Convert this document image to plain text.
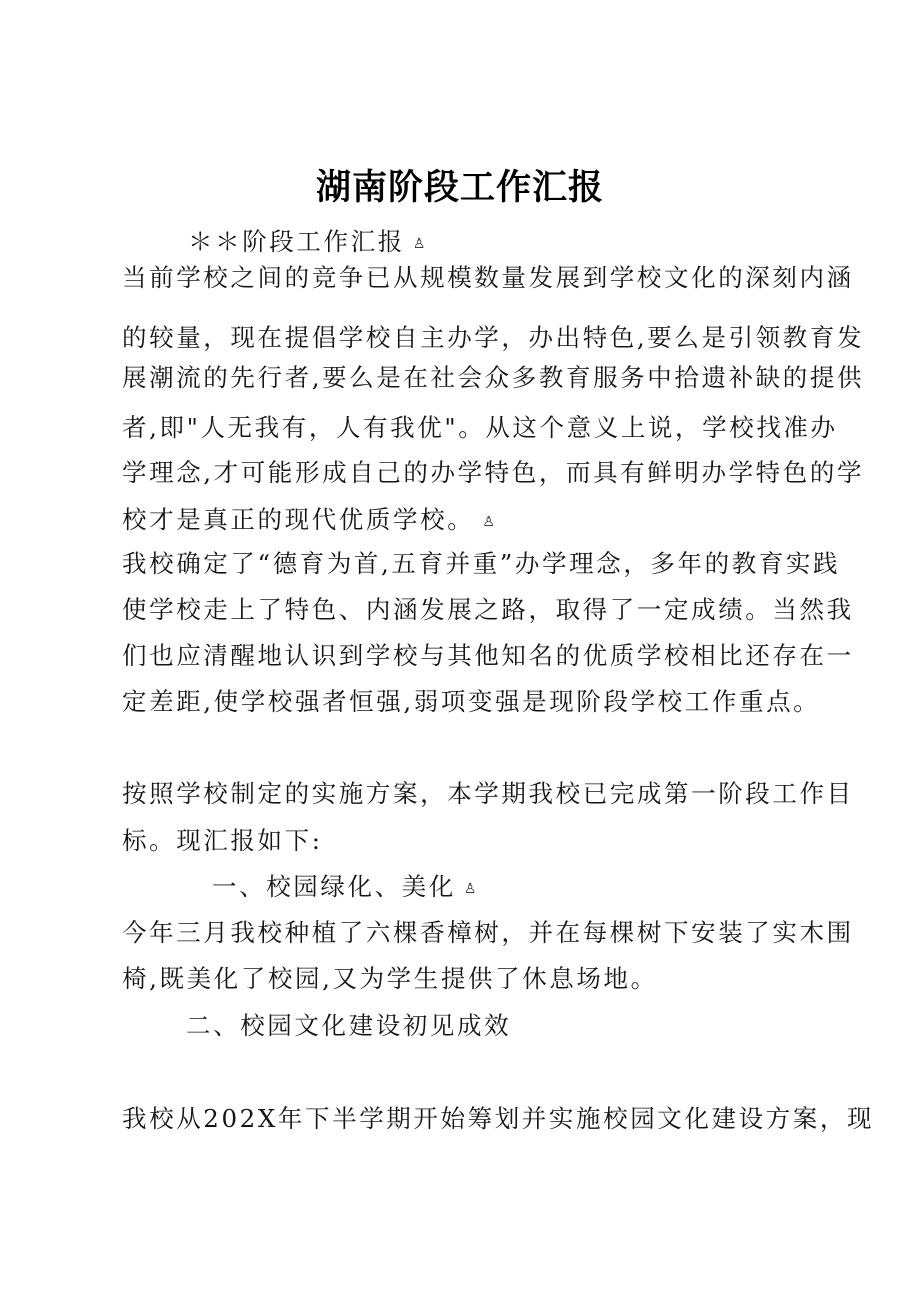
湖南阶段工作汇报
＊＊阶段工作汇报 ♙
当前学校之间的竞争已从规模数量发展到学校文化的深刻内涵
的较量，现在提倡学校自主办学，办出特色,要么是引领教育发
展潮流的先行者,要么是在社会众多教育服务中拾遗补缺的提供
者,即"人无我有，人有我优"。从这个意义上说，学校找准办
学理念,才可能形成自己的办学特色，而具有鲜明办学特色的学
校才是真正的现代优质学校。 ♙
我校确定了“德育为首,五育并重”办学理念，多年的教育实践
使学校走上了特色、内涵发展之路，取得了一定成绩。当然我
们也应清醒地认识到学校与其他知名的优质学校相比还存在一
定差距,使学校强者恒强,弱项变强是现阶段学校工作重点。
按照学校制定的实施方案，本学期我校已完成第一阶段工作目
标。现汇报如下:
一、校园绿化、美化 ♙
今年三月我校种植了六棵香樟树，并在每棵树下安装了实木围
椅,既美化了校园,又为学生提供了休息场地。
二、校园文化建设初见成效
我校从202X年下半学期开始筹划并实施校园文化建设方案，现
